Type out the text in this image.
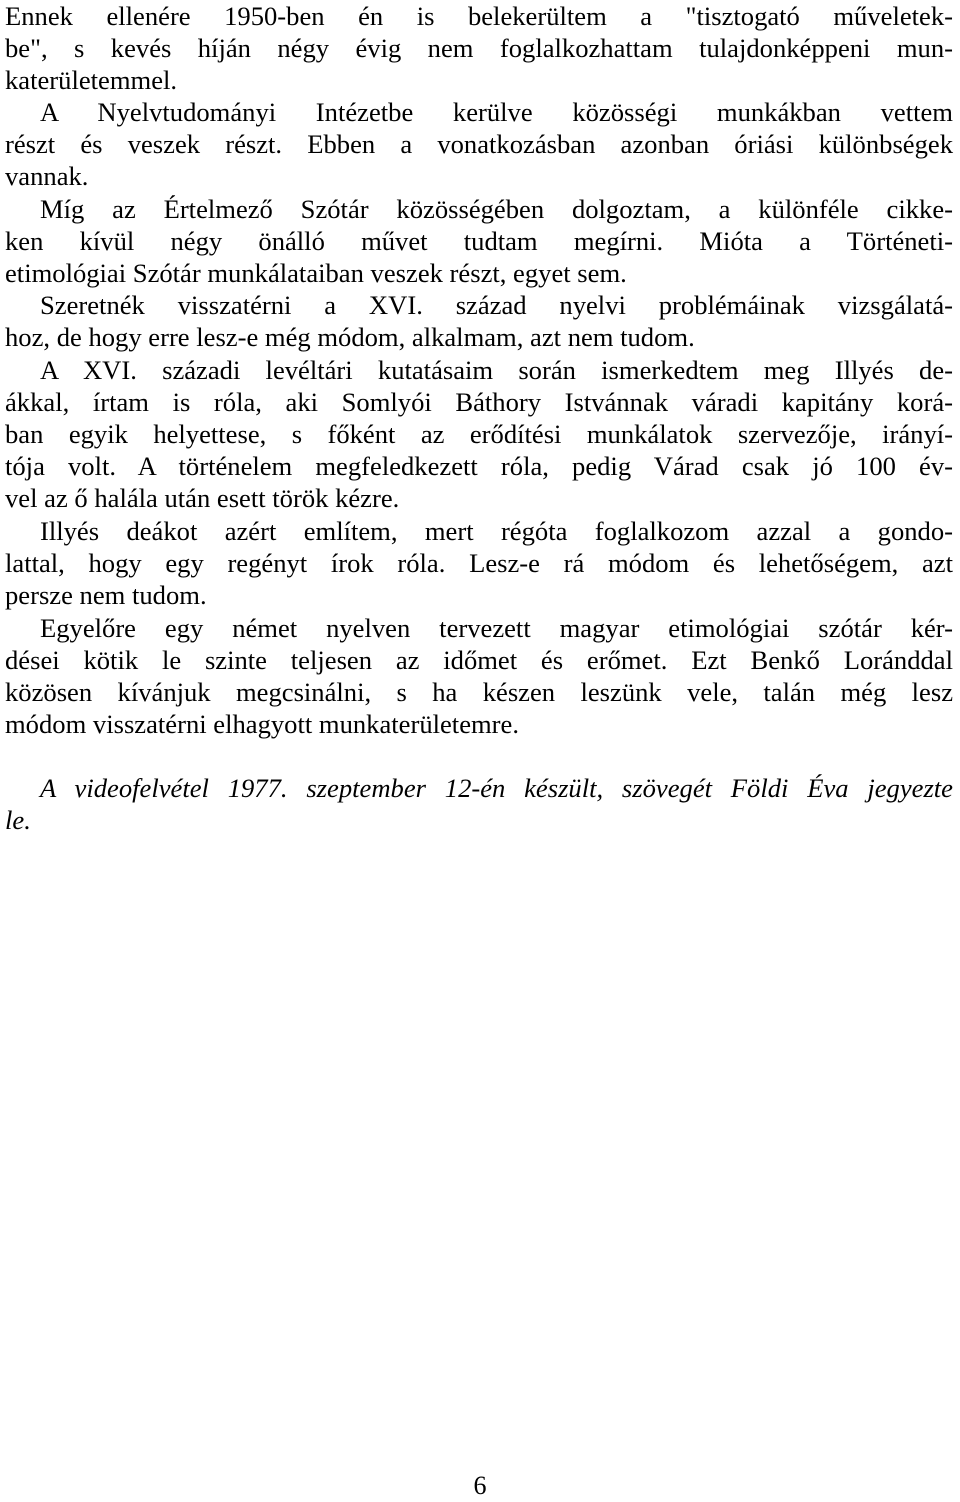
Ennek ellenére 1950-ben én is belekerültem a "tisztogató műveletek-
be", s kevés híján négy évig nem foglalkozhattam tulajdonképpeni mun-
katerületemmel.
A Nyelvtudományi Intézetbe kerülve közösségi munkákban vettem
részt és veszek részt. Ebben a vonatkozásban azonban óriási különbségek
vannak.
Míg az Értelmező Szótár közösségében dolgoztam, a különféle cikke-
ken kívül négy önálló művet tudtam megírni. Mióta a Történeti-
etimológiai Szótár munkálataiban veszek részt, egyet sem.
Szeretnék visszatérni a XVI. század nyelvi problémáinak vizsgálatá-
hoz, de hogy erre lesz-e még módom, alkalmam, azt nem tudom.
A XVI. századi levéltári kutatásaim során ismerkedtem meg Illyés de-
ákkal, írtam is róla, aki Somlyói Báthory Istvánnak váradi kapitány korá-
ban egyik helyettese, s főként az erődítési munkálatok szervezője, irányí-
tója volt. A történelem megfeledkezett róla, pedig Várad csak jó 100 év-
vel az ő halála után esett török kézre.
Illyés deákot azért említem, mert régóta foglalkozom azzal a gondo-
lattal, hogy egy regényt írok róla. Lesz-e rá módom és lehetőségem, azt
persze nem tudom.
Egyelőre egy német nyelven tervezett magyar etimológiai szótár kér-
dései kötik le szinte teljesen az időmet és erőmet. Ezt Benkő Loránddal
közösen kívánjuk megcsinálni, s ha készen leszünk vele, talán még lesz
módom visszatérni elhagyott munkaterületemre.
A videofelvétel 1977. szeptember 12-én készült, szövegét Földi Éva jegyezte
le.
6
